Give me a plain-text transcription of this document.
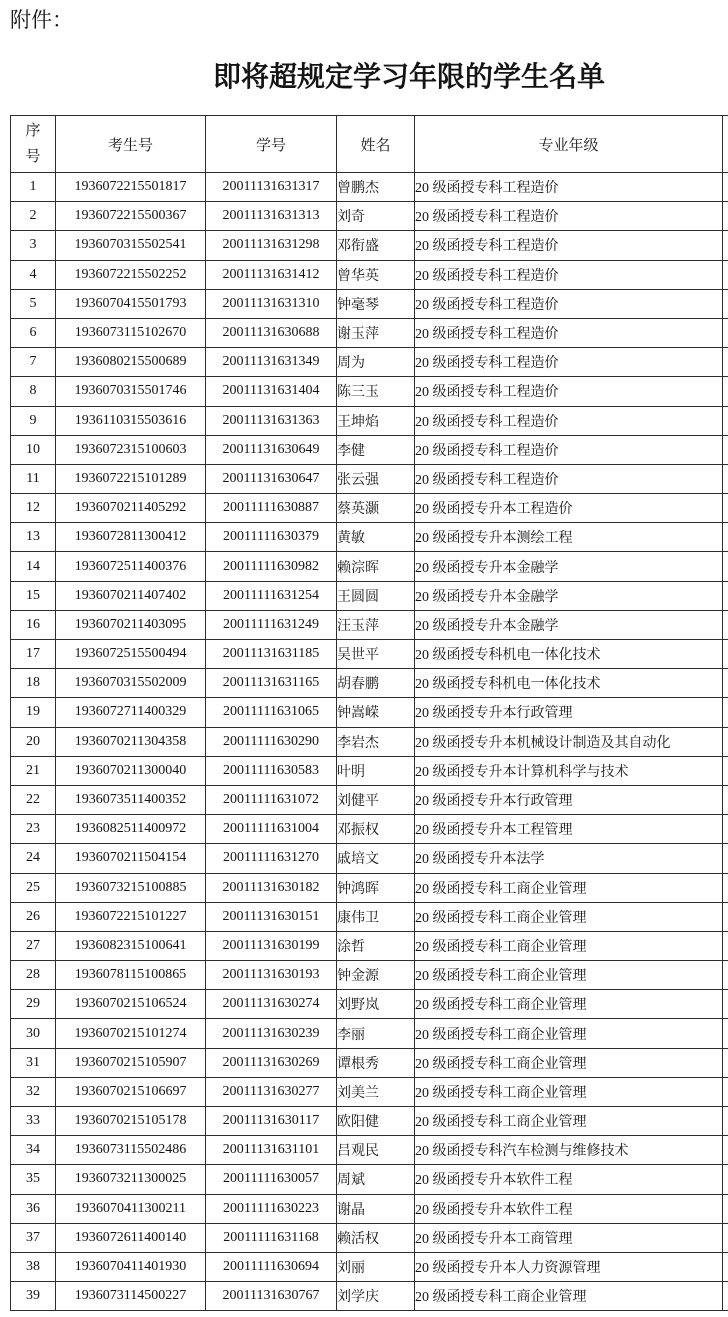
附件：
即将超规定学习年限的学生名单
序号	考生号	学号	姓名	专业年级	
1	1936072215501817	20011131631317	曾鹏杰	20 级函授专科工程造价	
2	1936072215500367	20011131631313	刘奇	20 级函授专科工程造价	
3	1936070315502541	20011131631298	邓衔盛	20 级函授专科工程造价	
4	1936072215502252	20011131631412	曾华英	20 级函授专科工程造价	
5	1936070415501793	20011131631310	钟毫琴	20 级函授专科工程造价	
6	1936073115102670	20011131630688	谢玉萍	20 级函授专科工程造价	
7	1936080215500689	20011131631349	周为	20 级函授专科工程造价	
8	1936070315501746	20011131631404	陈三玉	20 级函授专科工程造价	
9	1936110315503616	20011131631363	王坤焰	20 级函授专科工程造价	
10	1936072315100603	20011131630649	李健	20 级函授专科工程造价	
11	1936072215101289	20011131630647	张云强	20 级函授专科工程造价	
12	1936070211405292	20011111630887	蔡英灏	20 级函授专升本工程造价	
13	1936072811300412	20011111630379	黄敏	20 级函授专升本测绘工程	
14	1936072511400376	20011111630982	赖淙晖	20 级函授专升本金融学	
15	1936070211407402	20011111631254	王圆圆	20 级函授专升本金融学	
16	1936070211403095	20011111631249	汪玉萍	20 级函授专升本金融学	
17	1936072515500494	20011131631185	吴世平	20 级函授专科机电一体化技术	
18	1936070315502009	20011131631165	胡春鹏	20 级函授专科机电一体化技术	
19	1936072711400329	20011111631065	钟嵩嵘	20 级函授专升本行政管理	
20	1936070211304358	20011111630290	李岩杰	20 级函授专升本机械设计制造及其自动化	
21	1936070211300040	20011111630583	叶明	20 级函授专升本计算机科学与技术	
22	1936073511400352	20011111631072	刘健平	20 级函授专升本行政管理	
23	1936082511400972	20011111631004	邓振权	20 级函授专升本工程管理	
24	1936070211504154	20011111631270	戚培文	20 级函授专升本法学	
25	1936073215100885	20011131630182	钟鸿晖	20 级函授专科工商企业管理	
26	1936072215101227	20011131630151	康伟卫	20 级函授专科工商企业管理	
27	1936082315100641	20011131630199	涂哲	20 级函授专科工商企业管理	
28	1936078115100865	20011131630193	钟金源	20 级函授专科工商企业管理	
29	1936070215106524	20011131630274	刘野岚	20 级函授专科工商企业管理	
30	1936070215101274	20011131630239	李丽	20 级函授专科工商企业管理	
31	1936070215105907	20011131630269	谭根秀	20 级函授专科工商企业管理	
32	1936070215106697	20011131630277	刘美兰	20 级函授专科工商企业管理	
33	1936070215105178	20011131630117	欧阳健	20 级函授专科工商企业管理	
34	1936073115502486	20011131631101	吕观民	20 级函授专科汽车检测与维修技术	
35	1936073211300025	20011111630057	周斌	20 级函授专升本软件工程	
36	1936070411300211	20011111630223	谢晶	20 级函授专升本软件工程	
37	1936072611400140	20011111631168	赖活权	20 级函授专升本工商管理	
38	1936070411401930	20011111630694	刘丽	20 级函授专升本人力资源管理	
39	1936073114500227	20011131630767	刘学庆	20 级函授专科工商企业管理	
